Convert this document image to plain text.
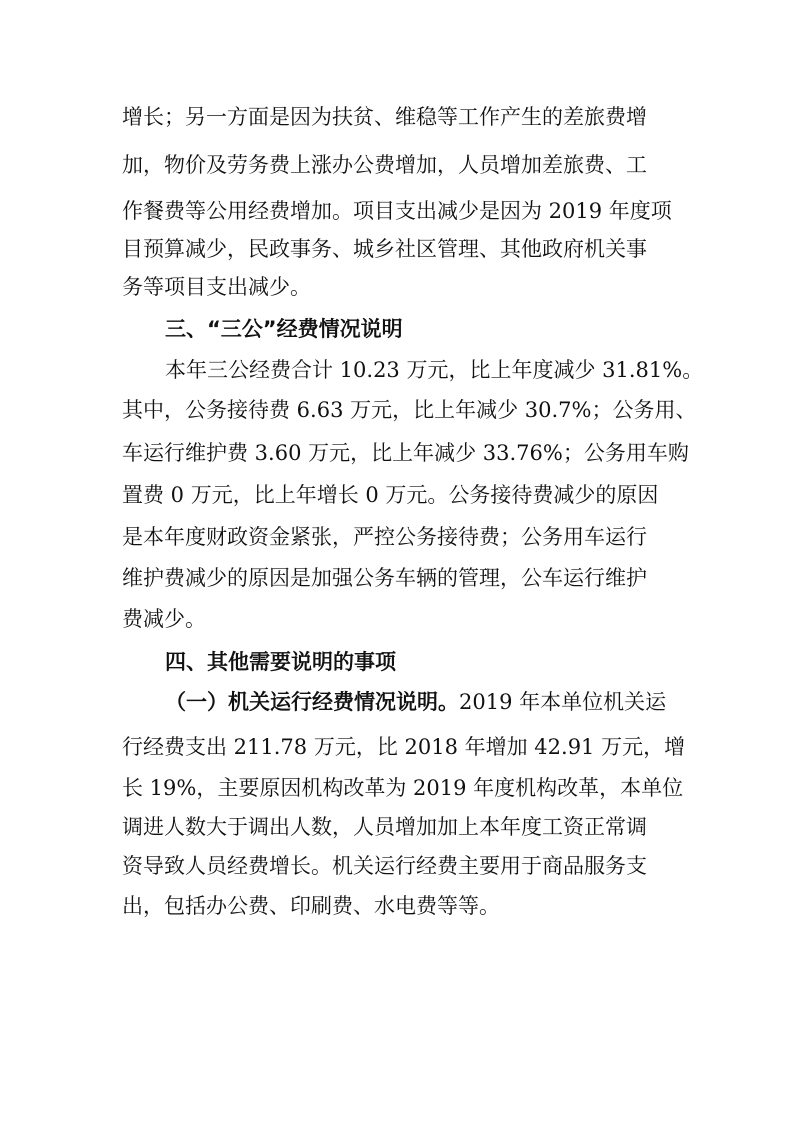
增长；另一方面是因为扶贫、维稳等工作产生的差旅费增
加，物价及劳务费上涨办公费增加，人员增加差旅费、工
作餐费等公用经费增加。项目支出减少是因为 2019 年度项
目预算减少，民政事务、城乡社区管理、其他政府机关事
务等项目支出减少。
三、“三公”经费情况说明
本年三公经费合计 10.23 万元，比上年度减少 31.81%。
其中，公务接待费 6.63 万元，比上年减少 30.7%；公务用、
车运行维护费 3.60 万元，比上年减少 33.76%；公务用车购
置费 0 万元，比上年增长 0 万元。公务接待费减少的原因
是本年度财政资金紧张，严控公务接待费；公务用车运行
维护费减少的原因是加强公务车辆的管理，公车运行维护
费减少。
四、其他需要说明的事项
（一）机关运行经费情况说明。2019 年本单位机关运
行经费支出 211.78 万元，比 2018 年增加 42.91 万元，增
长 19%，主要原因机构改革为 2019 年度机构改革，本单位
调进人数大于调出人数，人员增加加上本年度工资正常调
资导致人员经费增长。机关运行经费主要用于商品服务支
出，包括办公费、印刷费、水电费等等。
